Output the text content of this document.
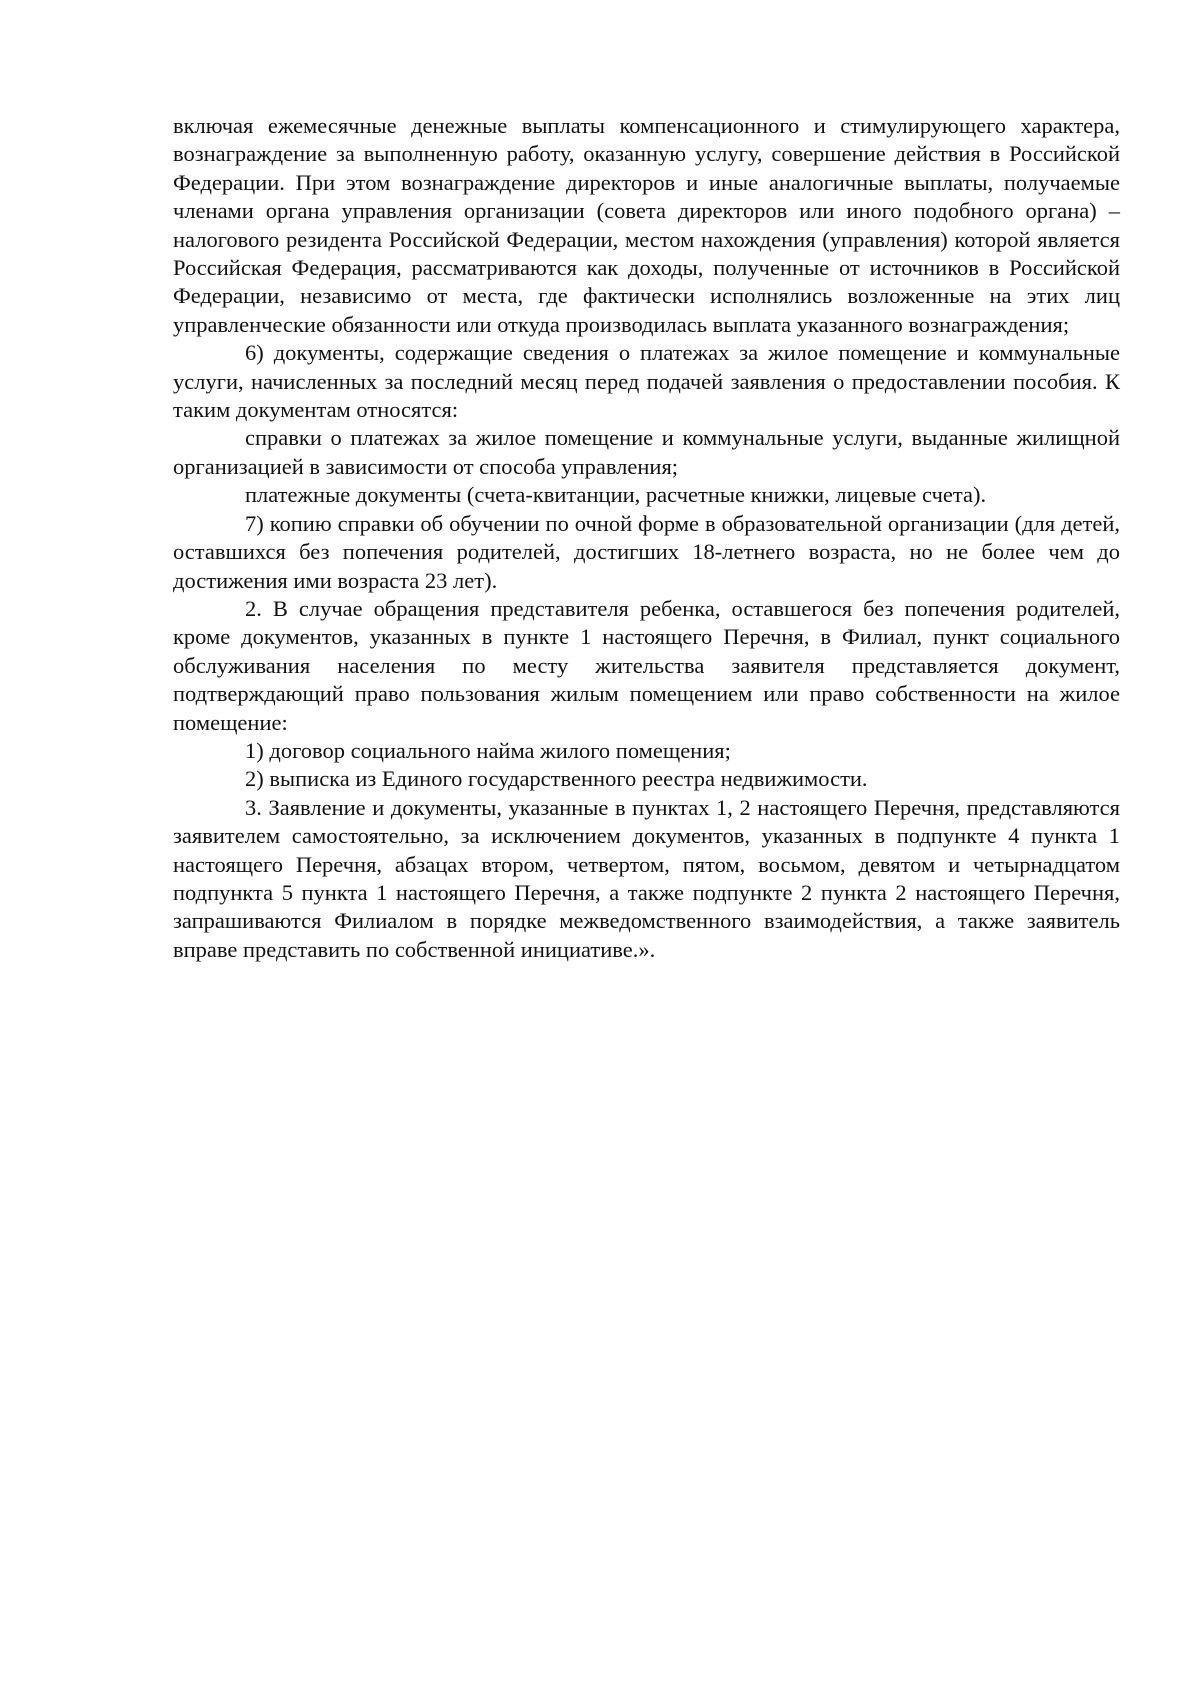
включая ежемесячные денежные выплаты компенсационного и стимулирующего характера, вознаграждение за выполненную работу, оказанную услугу, совершение действия в Российской Федерации. При этом вознаграждение директоров и иные аналогичные выплаты, получаемые членами органа управления организации (совета директоров или иного подобного органа) – налогового резидента Российской Федерации, местом нахождения (управления) которой является Российская Федерация, рассматриваются как доходы, полученные от источников в Российской Федерации, независимо от места, где фактически исполнялись возложенные на этих лиц управленческие обязанности или откуда производилась выплата указанного вознаграждения;

6) документы, содержащие сведения о платежах за жилое помещение и коммунальные услуги, начисленных за последний месяц перед подачей заявления о предоставлении пособия. К таким документам относятся:

справки о платежах за жилое помещение и коммунальные услуги, выданные жилищной организацией в зависимости от способа управления;

платежные документы (счета-квитанции, расчетные книжки, лицевые счета).

7) копию справки об обучении по очной форме в образовательной организации (для детей, оставшихся без попечения родителей, достигших 18-летнего возраста, но не более чем до достижения ими возраста 23 лет).

2. В случае обращения представителя ребенка, оставшегося без попечения родителей, кроме документов, указанных в пункте 1 настоящего Перечня, в Филиал, пункт социального обслуживания населения по месту жительства заявителя представляется документ, подтверждающий право пользования жилым помещением или право собственности на жилое помещение:

1) договор социального найма жилого помещения;

2) выписка из Единого государственного реестра недвижимости.

3. Заявление и документы, указанные в пунктах 1, 2 настоящего Перечня, представляются заявителем самостоятельно, за исключением документов, указанных в подпункте 4 пункта 1 настоящего Перечня, абзацах втором, четвертом, пятом, восьмом, девятом и четырнадцатом подпункта 5 пункта 1 настоящего Перечня, а также подпункте 2 пункта 2 настоящего Перечня, запрашиваются Филиалом в порядке межведомственного взаимодействия, а также заявитель вправе представить по собственной инициативе.».
